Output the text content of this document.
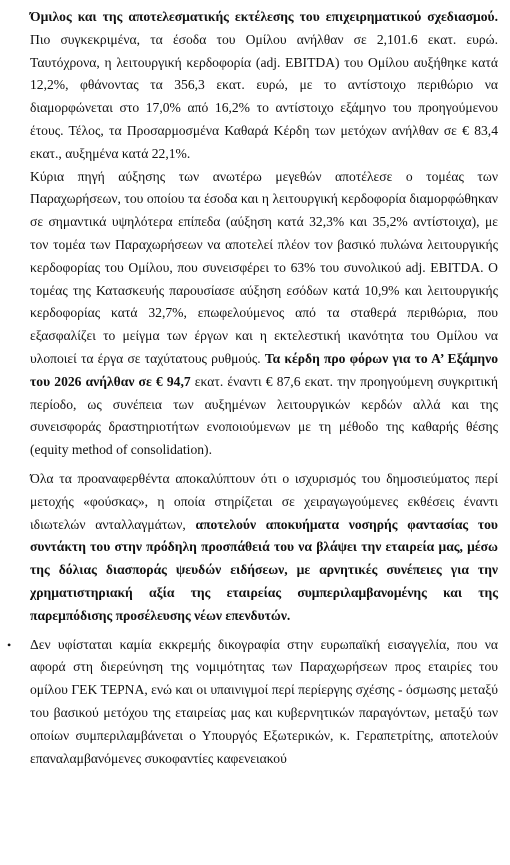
Όμιλος και της αποτελεσματικής εκτέλεσης του επιχειρηματικού σχεδιασμού. Πιο συγκεκριμένα, τα έσοδα του Ομίλου ανήλθαν σε 2,101.6 εκατ. ευρώ. Ταυτόχρονα, η λειτουργική κερδοφορία (adj. EBITDA) του Ομίλου αυξήθηκε κατά 12,2%, φθάνοντας τα 356,3 εκατ. ευρώ, με το αντίστοιχο περιθώριο να διαμορφώνεται στο 17,0% από 16,2% το αντίστοιχο εξάμηνο του προηγούμενου έτους. Τέλος, τα Προσαρμοσμένα Καθαρά Κέρδη των μετόχων ανήλθαν σε € 83,4 εκατ., αυξημένα κατά 22,1%.

Κύρια πηγή αύξησης των ανωτέρω μεγεθών αποτέλεσε ο τομέας των Παραχωρήσεων, του οποίου τα έσοδα και η λειτουργική κερδοφορία διαμορφώθηκαν σε σημαντικά υψηλότερα επίπεδα (αύξηση κατά 32,3% και 35,2% αντίστοιχα), με τον τομέα των Παραχωρήσεων να αποτελεί πλέον τον βασικό πυλώνα λειτουργικής κερδοφορίας του Ομίλου, που συνεισφέρει το 63% του συνολικού adj. EBITDA. Ο τομέας της Κατασκευής παρουσίασε αύξηση εσόδων κατά 10,9% και λειτουργικής κερδοφορίας κατά 32,7%, επωφελούμενος από τα σταθερά περιθώρια, που εξασφαλίζει το μείγμα των έργων και η εκτελεστική ικανότητα του Ομίλου να υλοποιεί τα έργα σε ταχύτατους ρυθμούς. Τα κέρδη προ φόρων για το Α’ Εξάμηνο του 2026 ανήλθαν σε € 94,7 εκατ. έναντι € 87,6 εκατ. την προηγούμενη συγκριτική περίοδο, ως συνέπεια των αυξημένων λειτουργικών κερδών αλλά και της συνεισφοράς δραστηριοτήτων ενοποιούμενων με τη μέθοδο της καθαρής θέσης (equity method of consolidation).

Όλα τα προαναφερθέντα αποκαλύπτουν ότι ο ισχυρισμός του δημοσιεύματος περί μετοχής «φούσκας», η οποία στηρίζεται σε χειραγωγούμενες εκθέσεις έναντι ιδιωτελών ανταλλαγμάτων, αποτελούν αποκυήματα νοσηρής φαντασίας του συντάκτη του στην πρόδηλη προσπάθειά του να βλάψει την εταιρεία μας, μέσω της δόλιας διασποράς ψευδών ειδήσεων, με αρνητικές συνέπειες για την χρηματιστηριακή αξία της εταιρείας συμπεριλαμβανομένης και της παρεμπόδισης προσέλευσης νέων επενδυτών.

• Δεν υφίσταται καμία εκκρεμής δικογραφία στην ευρωπαϊκή εισαγγελία, που να αφορά στη διερεύνηση της νομιμότητας των Παραχωρήσεων προς εταιρίες του ομίλου ΓΕΚ ΤΕΡΝΑ, ενώ και οι υπαινιγμοί περί περίεργης σχέσης - όσμωσης μεταξύ του βασικού μετόχου της εταιρείας μας και κυβερνητικών παραγόντων, μεταξύ των οποίων συμπεριλαμβάνεται ο Υπουργός Εξωτερικών, κ. Γεραπετρίτης, αποτελούν επαναλαμβανόμενες συκοφαντίες καφενειακού
